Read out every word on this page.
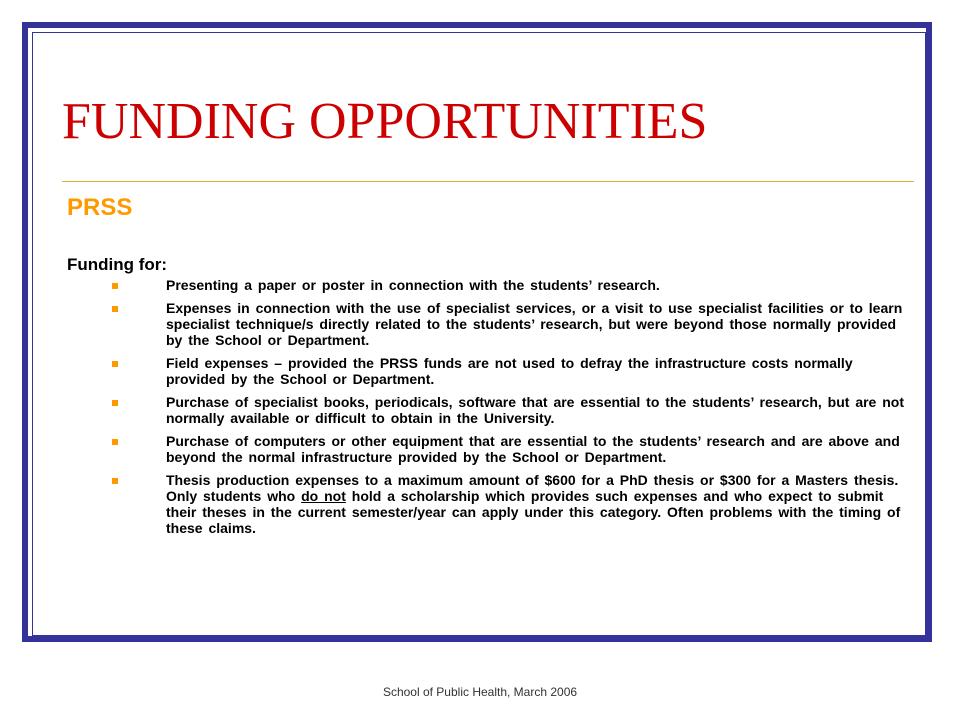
FUNDING OPPORTUNITIES
PRSS
Funding for:
Presenting a paper or poster in connection with the students’ research.
Expenses in connection with the use of specialist services, or a visit to use specialist facilities or to learn specialist technique/s directly related to the students’ research, but were beyond those normally provided by the School or Department.
Field expenses – provided the PRSS funds are not used to defray the infrastructure costs normally provided by the School or Department.
Purchase of specialist books, periodicals, software that are essential to the students’ research, but are not normally available or difficult to obtain in the University.
Purchase of computers or other equipment that are essential to the students’ research and are above and beyond the normal infrastructure provided by the School or Department.
Thesis production expenses to a maximum amount of $600 for a PhD thesis or $300 for a Masters thesis. Only students who do not hold a scholarship which provides such expenses and who expect to submit their theses in the current semester/year can apply under this category. Often problems with the timing of these claims.
School of Public Health, March 2006
